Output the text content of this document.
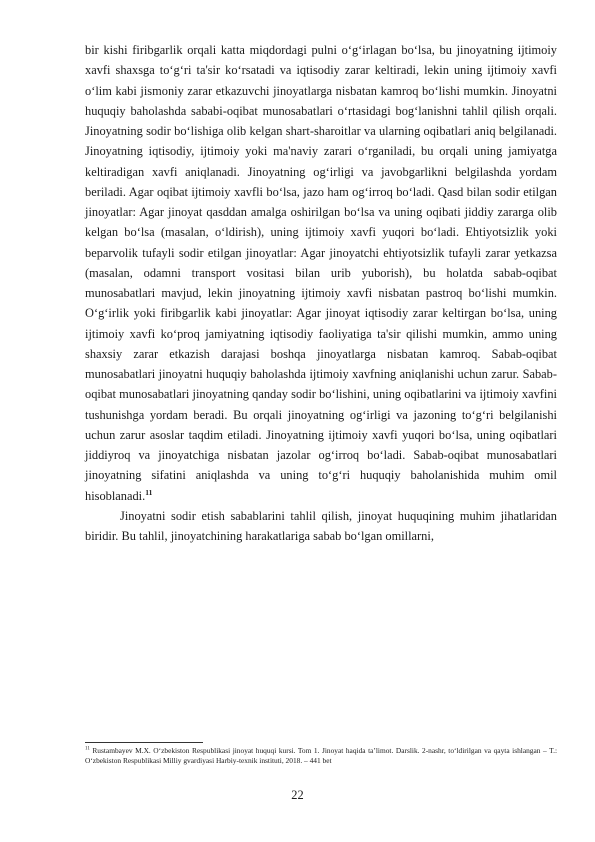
bir kishi firibgarlik orqali katta miqdordagi pulni o‘g‘irlagan bo‘lsa, bu jinoyatning ijtimoiy xavfi shaxsga to‘g‘ri ta'sir ko‘rsatadi va iqtisodiy zarar keltiradi, lekin uning ijtimoiy xavfi o‘lim kabi jismoniy zarar etkazuvchi jinoyatlarga nisbatan kamroq bo‘lishi mumkin. Jinoyatni huquqiy baholashda sababi-oqibat munosabatlari o‘rtasidagi bog‘lanishni tahlil qilish orqali. Jinoyatning sodir bo‘lishiga olib kelgan shart-sharoitlar va ularning oqibatlari aniq belgilanadi. Jinoyatning iqtisodiy, ijtimoiy yoki ma'naviy zarari o‘rganiladi, bu orqali uning jamiyatga keltiradigan xavfi aniqlanadi. Jinoyatning og‘irligi va javobgarlikni belgilashda yordam beriladi. Agar oqibat ijtimoiy xavfli bo‘lsa, jazo ham og‘irroq bo‘ladi. Qasd bilan sodir etilgan jinoyatlar: Agar jinoyat qasddan amalga oshirilgan bo‘lsa va uning oqibati jiddiy zararga olib kelgan bo‘lsa (masalan, o‘ldirish), uning ijtimoiy xavfi yuqori bo‘ladi. Ehtiyotsizlik yoki beparvolik tufayli sodir etilgan jinoyatlar: Agar jinoyatchi ehtiyotsizlik tufayli zarar yetkazsa (masalan, odamni transport vositasi bilan urib yuborish), bu holatda sabab-oqibat munosabatlari mavjud, lekin jinoyatning ijtimoiy xavfi nisbatan pastroq bo‘lishi mumkin. O‘g‘irlik yoki firibgarlik kabi jinoyatlar: Agar jinoyat iqtisodiy zarar keltirgan bo‘lsa, uning ijtimoiy xavfi ko‘proq jamiyatning iqtisodiy faoliyatiga ta'sir qilishi mumkin, ammo uning shaxsiy zarar etkazish darajasi boshqa jinoyatlarga nisbatan kamroq. Sabab-oqibat munosabatlari jinoyatni huquqiy baholashda ijtimoiy xavfning aniqlanishi uchun zarur. Sabab-oqibat munosabatlari jinoyatning qanday sodir bo‘lishini, uning oqibatlarini va ijtimoiy xavfini tushunishga yordam beradi. Bu orqali jinoyatning og‘irligi va jazoning to‘g‘ri belgilanishi uchun zarur asoslar taqdim etiladi. Jinoyatning ijtimoiy xavfi yuqori bo‘lsa, uning oqibatlari jiddiyroq va jinoyatchiga nisbatan jazolar og‘irroq bo‘ladi. Sabab-oqibat munosabatlari jinoyatning sifatini aniqlashda va uning to‘g‘ri huquqiy baholanishida muhim omil hisoblanadi.$^{11}$

Jinoyatni sodir etish sabablarini tahlil qilish, jinoyat huquqining muhim jihatlaridan biridir. Bu tahlil, jinoyatchining harakatlariga sabab bo‘lgan omillarni,

$^{11}$ Rustambayev M.X. O‘zbekiston Respublikasi jinoyat huquqi kursi. Tom 1. Jinoyat haqida ta’limot. Darslik. 2-nashr, to‘ldirilgan va qayta ishlangan – T.: O‘zbekiston Respublikasi Milliy gvardiyasi Harbiy-texnik instituti, 2018. – 441 bet
22
